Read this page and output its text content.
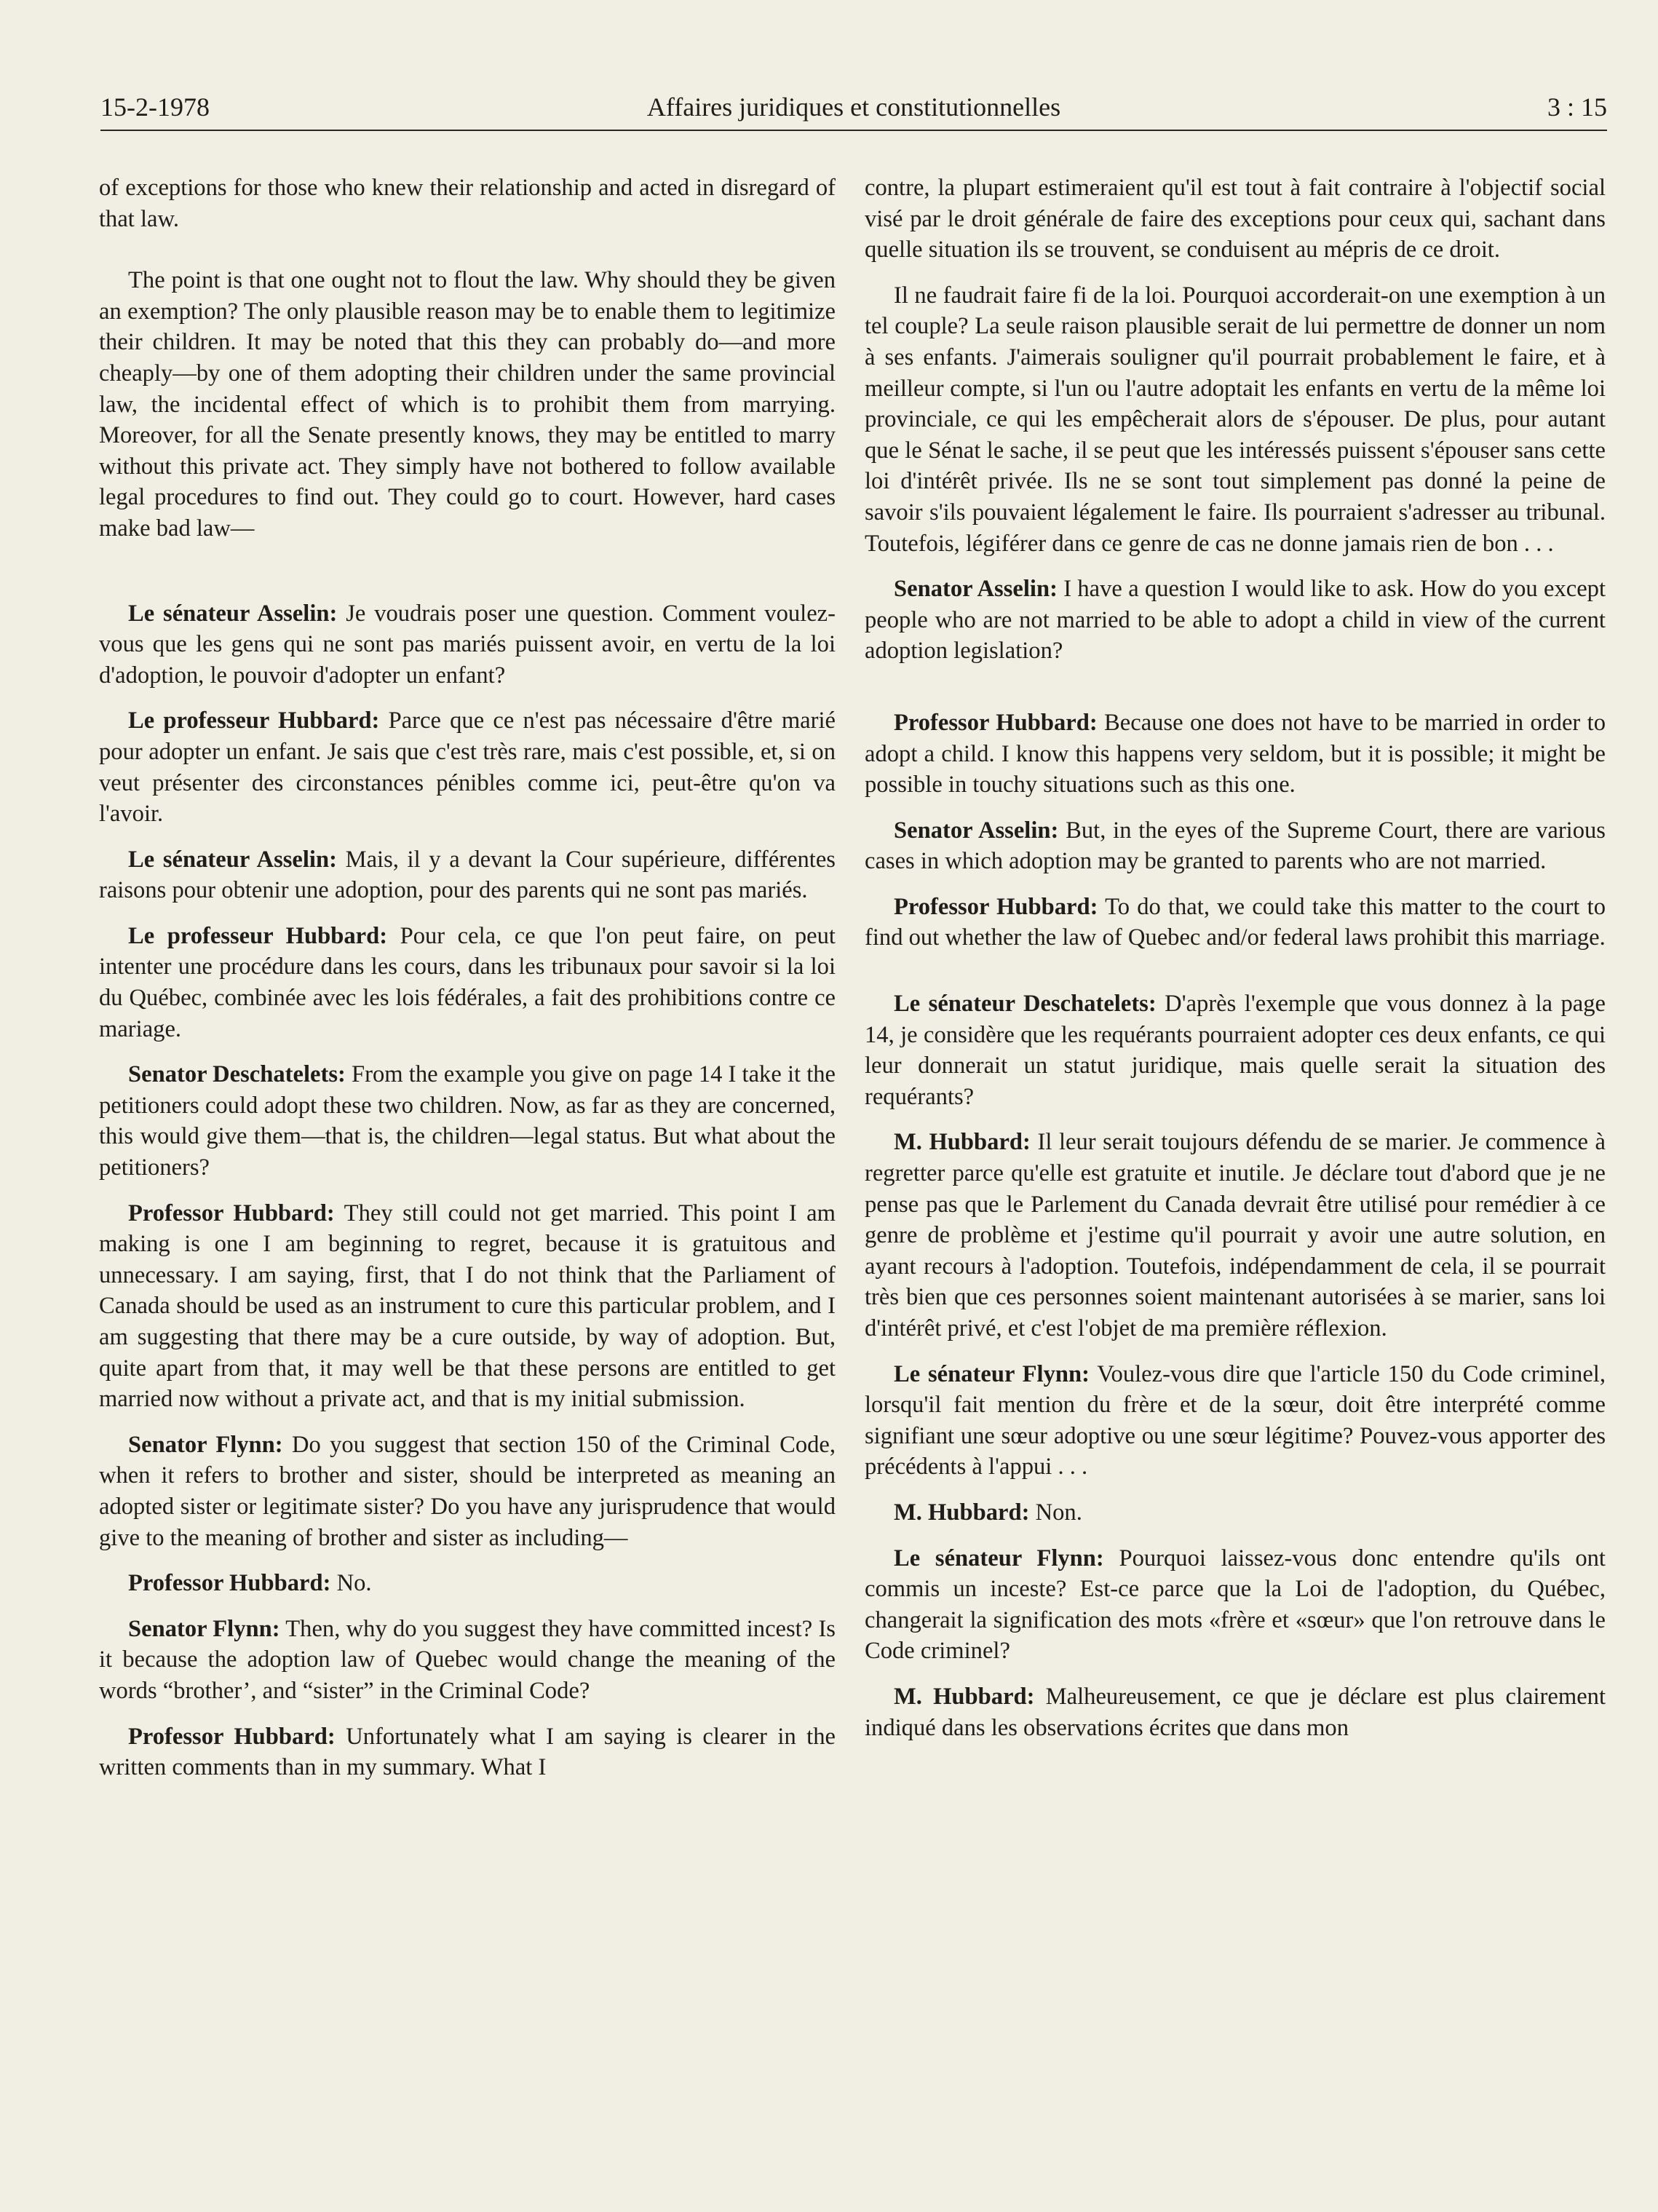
15-2-1978	Affaires juridiques et constitutionnelles	3 : 15

of exceptions for those who knew their relationship and acted in disregard of that law.

The point is that one ought not to flout the law. Why should they be given an exemption? The only plausible reason may be to enable them to legitimize their children. It may be noted that this they can probably do—and more cheaply—by one of them adopting their children under the same provincial law, the incidental effect of which is to prohibit them from marrying. Moreover, for all the Senate presently knows, they may be entitled to marry without this private act. They simply have not bothered to follow available legal procedures to find out. They could go to court. However, hard cases make bad law—

Le sénateur Asselin: Je voudrais poser une question. Comment voulez-vous que les gens qui ne sont pas mariés puissent avoir, en vertu de la loi d'adoption, le pouvoir d'adopter un enfant?

Le professeur Hubbard: Parce que ce n'est pas nécessaire d'être marié pour adopter un enfant. Je sais que c'est très rare, mais c'est possible, et, si on veut présenter des circonstances pénibles comme ici, peut-être qu'on va l'avoir.

Le sénateur Asselin: Mais, il y a devant la Cour supérieure, différentes raisons pour obtenir une adoption, pour des parents qui ne sont pas mariés.

Le professeur Hubbard: Pour cela, ce que l'on peut faire, on peut intenter une procédure dans les cours, dans les tribunaux pour savoir si la loi du Québec, combinée avec les lois fédérales, a fait des prohibitions contre ce mariage.

Senator Deschatelets: From the example you give on page 14 I take it the petitioners could adopt these two children. Now, as far as they are concerned, this would give them—that is, the children—legal status. But what about the petitioners?

Professor Hubbard: They still could not get married. This point I am making is one I am beginning to regret, because it is gratuitous and unnecessary. I am saying, first, that I do not think that the Parliament of Canada should be used as an instrument to cure this particular problem, and I am suggesting that there may be a cure outside, by way of adoption. But, quite apart from that, it may well be that these persons are entitled to get married now without a private act, and that is my initial submission.

Senator Flynn: Do you suggest that section 150 of the Criminal Code, when it refers to brother and sister, should be interpreted as meaning an adopted sister or legitimate sister? Do you have any jurisprudence that would give to the meaning of brother and sister as including—

Professor Hubbard: No.

Senator Flynn: Then, why do you suggest they have committed incest? Is it because the adoption law of Quebec would change the meaning of the words “brother’, and “sister” in the Criminal Code?

Professor Hubbard: Unfortunately what I am saying is clearer in the written comments than in my summary. What I

contre, la plupart estimeraient qu'il est tout à fait contraire à l'objectif social visé par le droit générale de faire des exceptions pour ceux qui, sachant dans quelle situation ils se trouvent, se conduisent au mépris de ce droit.

Il ne faudrait faire fi de la loi. Pourquoi accorderait-on une exemption à un tel couple? La seule raison plausible serait de lui permettre de donner un nom à ses enfants. J'aimerais souligner qu'il pourrait probablement le faire, et à meilleur compte, si l'un ou l'autre adoptait les enfants en vertu de la même loi provinciale, ce qui les empêcherait alors de s'épouser. De plus, pour autant que le Sénat le sache, il se peut que les intéressés puissent s'épouser sans cette loi d'intérêt privée. Ils ne se sont tout simplement pas donné la peine de savoir s'ils pouvaient légalement le faire. Ils pourraient s'adresser au tribunal. Toutefois, légiférer dans ce genre de cas ne donne jamais rien de bon . . .

Senator Asselin: I have a question I would like to ask. How do you except people who are not married to be able to adopt a child in view of the current adoption legislation?

Professor Hubbard: Because one does not have to be married in order to adopt a child. I know this happens very seldom, but it is possible; it might be possible in touchy situations such as this one.

Senator Asselin: But, in the eyes of the Supreme Court, there are various cases in which adoption may be granted to parents who are not married.

Professor Hubbard: To do that, we could take this matter to the court to find out whether the law of Quebec and/or federal laws prohibit this marriage.

Le sénateur Deschatelets: D'après l'exemple que vous donnez à la page 14, je considère que les requérants pourraient adopter ces deux enfants, ce qui leur donnerait un statut juridique, mais quelle serait la situation des requérants?

M. Hubbard: Il leur serait toujours défendu de se marier. Je commence à regretter parce qu'elle est gratuite et inutile. Je déclare tout d'abord que je ne pense pas que le Parlement du Canada devrait être utilisé pour remédier à ce genre de problème et j'estime qu'il pourrait y avoir une autre solution, en ayant recours à l'adoption. Toutefois, indépendamment de cela, il se pourrait très bien que ces personnes soient maintenant autorisées à se marier, sans loi d'intérêt privé, et c'est l'objet de ma première réflexion.

Le sénateur Flynn: Voulez-vous dire que l'article 150 du Code criminel, lorsqu'il fait mention du frère et de la sœur, doit être interprété comme signifiant une sœur adoptive ou une sœur légitime? Pouvez-vous apporter des précédents à l'appui . . .

M. Hubbard: Non.

Le sénateur Flynn: Pourquoi laissez-vous donc entendre qu'ils ont commis un inceste? Est-ce parce que la Loi de l'adoption, du Québec, changerait la signification des mots «frère et «sœur» que l'on retrouve dans le Code criminel?

M. Hubbard: Malheureusement, ce que je déclare est plus clairement indiqué dans les observations écrites que dans mon
